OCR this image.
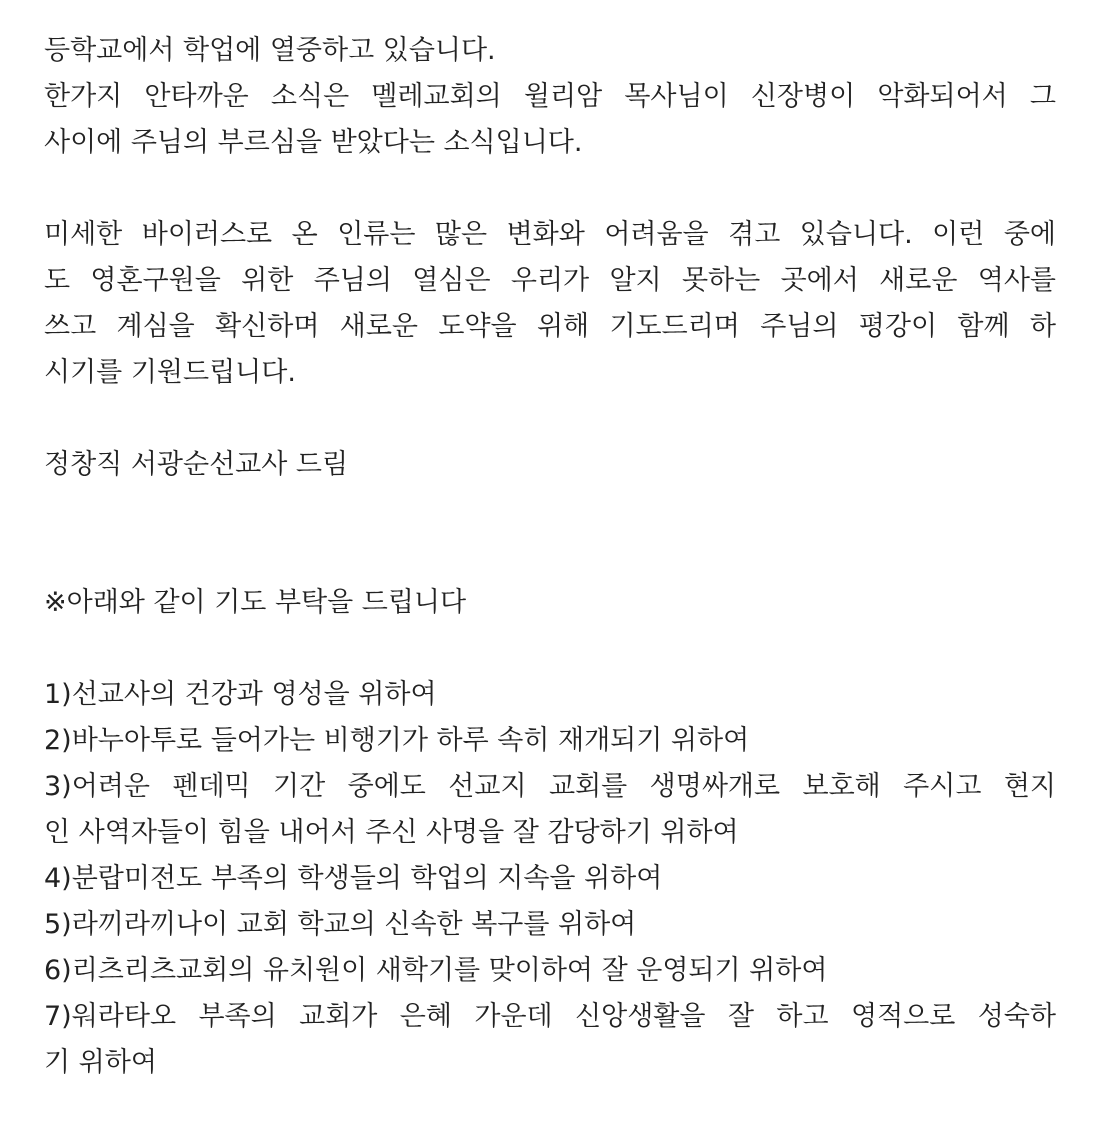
등학교에서 학업에 열중하고 있습니다.
한가지 안타까운 소식은 멜레교회의 윌리암 목사님이 신장병이 악화되어서 그
사이에 주님의 부르심을 받았다는 소식입니다.
미세한 바이러스로 온 인류는 많은 변화와 어려움을 겪고 있습니다. 이런 중에
도 영혼구원을 위한 주님의 열심은 우리가 알지 못하는 곳에서 새로운 역사를
쓰고 계심을 확신하며 새로운 도약을 위해 기도드리며 주님의 평강이 함께 하
시기를 기원드립니다.
정창직 서광순선교사 드림
※아래와 같이 기도 부탁을 드립니다
1)선교사의 건강과 영성을 위하여
2)바누아투로 들어가는 비행기가 하루 속히 재개되기 위하여
3)어려운 펜데믹 기간 중에도 선교지 교회를 생명싸개로 보호해 주시고 현지
인 사역자들이 힘을 내어서 주신 사명을 잘 감당하기 위하여
4)분랍미전도 부족의 학생들의 학업의 지속을 위하여
5)라끼라끼나이 교회 학교의 신속한 복구를 위하여
6)리츠리츠교회의 유치원이 새학기를 맞이하여 잘 운영되기 위하여
7)워라타오 부족의 교회가 은혜 가운데 신앙생활을 잘 하고 영적으로 성숙하
기 위하여
